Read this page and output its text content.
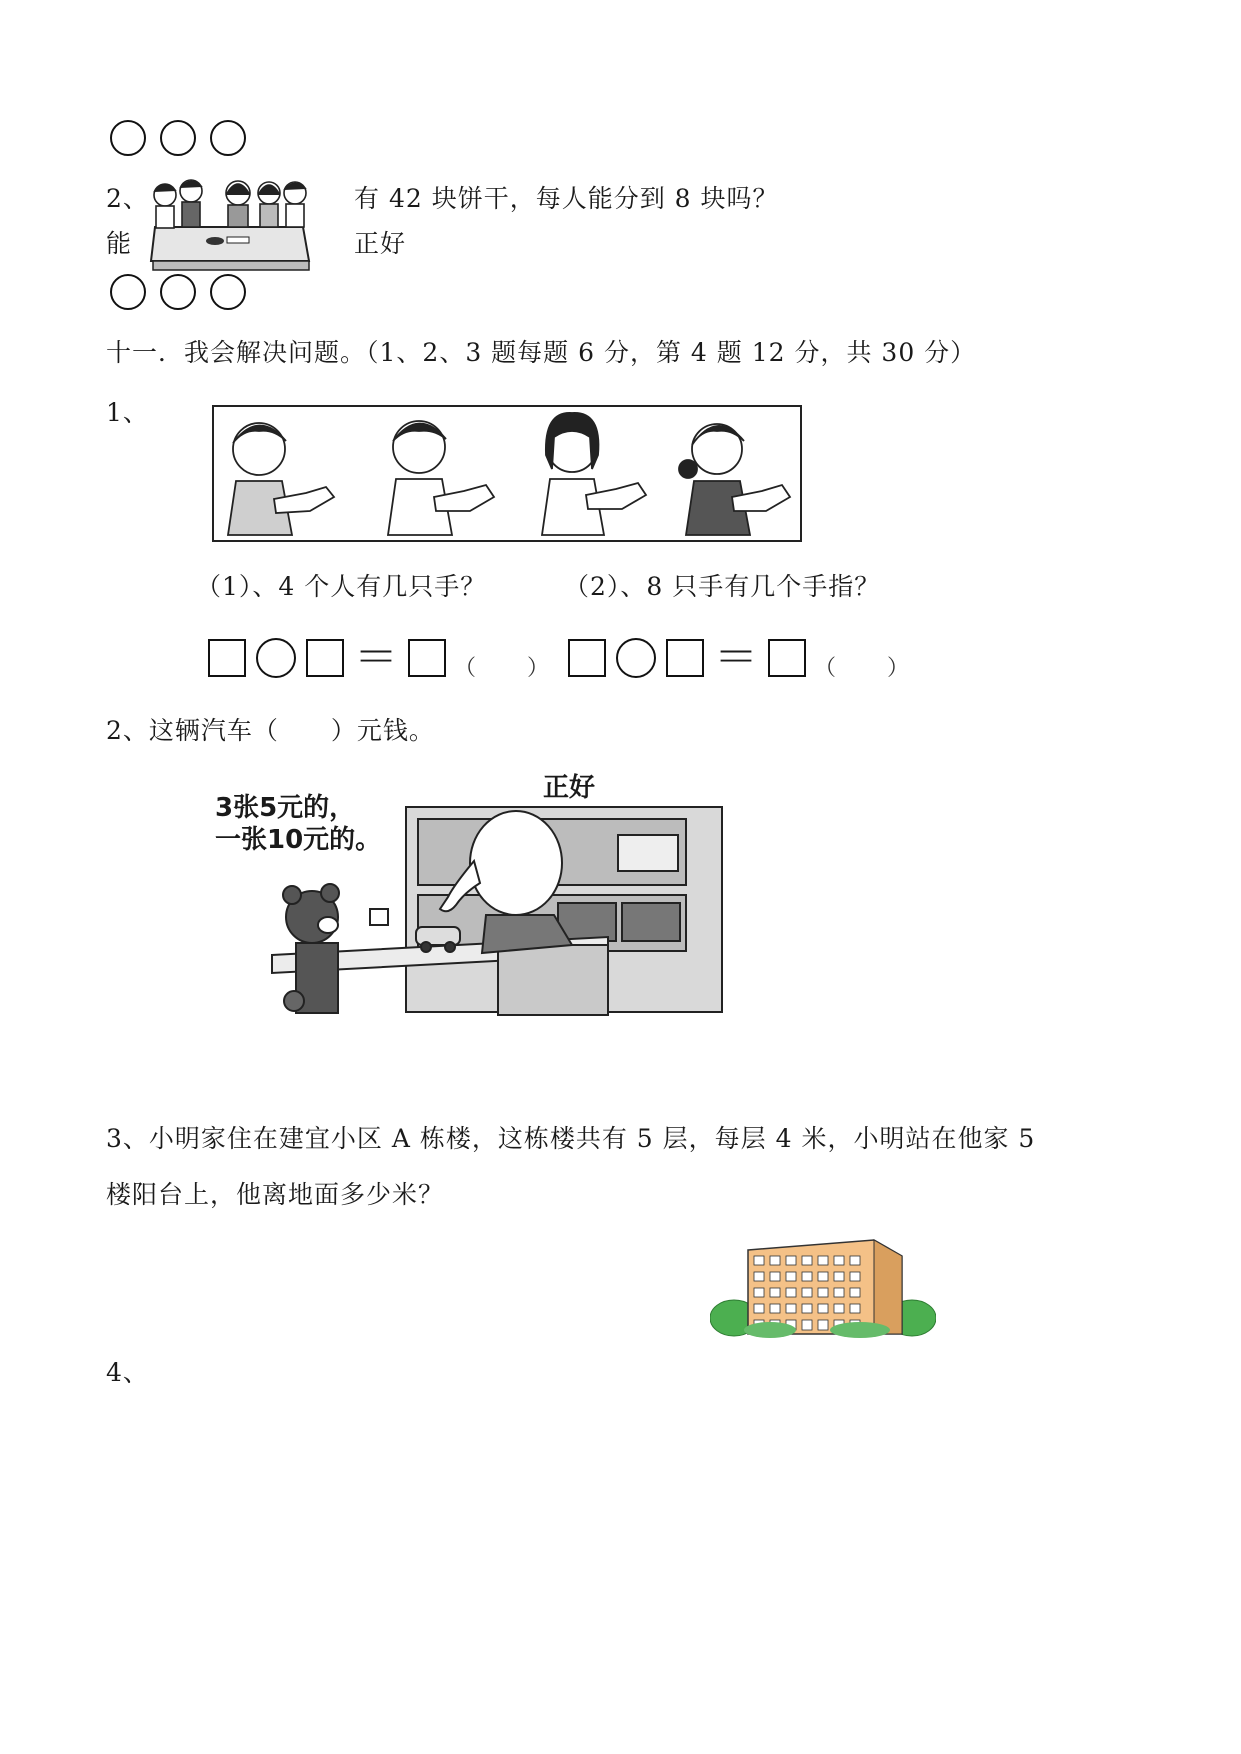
2、	有 42 块饼干，每人能分到 8 块吗？
能	正好
十一．我会解决问题。（1、2、3 题每题 6 分，第 4 题 12 分，共 30 分）
1、
（1）、4 个人有几只手？	（2）、8 只手有几个手指？
＝	（ ）	＝	（ ）
2、这辆汽车（　　）元钱。
3张5元的，
一张10元的。
正好
3、小明家住在建宜小区 A 栋楼，这栋楼共有 5 层，每层 4 米，小明站在他家 5
楼阳台上，他离地面多少米？
4、
